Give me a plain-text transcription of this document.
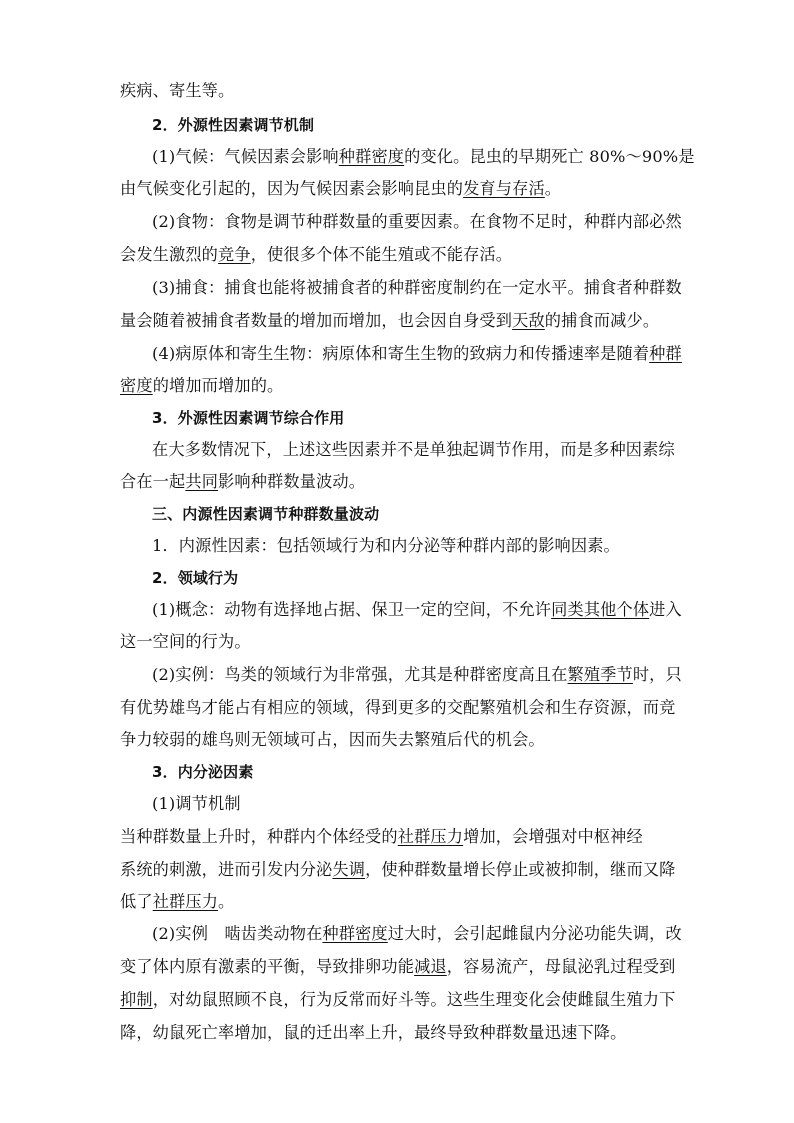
疾病、寄生等。
2．外源性因素调节机制
(1)气候：气候因素会影响种群密度的变化。昆虫的早期死亡 80%～90%是
由气候变化引起的，因为气候因素会影响昆虫的发育与存活。
(2)食物：食物是调节种群数量的重要因素。在食物不足时，种群内部必然
会发生激烈的竞争，使很多个体不能生殖或不能存活。
(3)捕食：捕食也能将被捕食者的种群密度制约在一定水平。捕食者种群数
量会随着被捕食者数量的增加而增加，也会因自身受到天敌的捕食而减少。
(4)病原体和寄生生物：病原体和寄生生物的致病力和传播速率是随着种群
密度的增加而增加的。
3．外源性因素调节综合作用
在大多数情况下，上述这些因素并不是单独起调节作用，而是多种因素综
合在一起共同影响种群数量波动。
三、内源性因素调节种群数量波动
1．内源性因素：包括领域行为和内分泌等种群内部的影响因素。
2．领域行为
(1)概念：动物有选择地占据、保卫一定的空间，不允许同类其他个体进入
这一空间的行为。
(2)实例：鸟类的领域行为非常强，尤其是种群密度高且在繁殖季节时，只
有优势雄鸟才能占有相应的领域，得到更多的交配繁殖机会和生存资源，而竞
争力较弱的雄鸟则无领域可占，因而失去繁殖后代的机会。
3．内分泌因素
(1)调节机制
当种群数量上升时，种群内个体经受的社群压力增加，会增强对中枢神经
系统的刺激，进而引发内分泌失调，使种群数量增长停止或被抑制，继而又降
低了社群压力。
(2)实例　啮齿类动物在种群密度过大时，会引起雌鼠内分泌功能失调，改
变了体内原有激素的平衡，导致排卵功能减退，容易流产，母鼠泌乳过程受到
抑制，对幼鼠照顾不良，行为反常而好斗等。这些生理变化会使雌鼠生殖力下
降，幼鼠死亡率增加，鼠的迁出率上升，最终导致种群数量迅速下降。
